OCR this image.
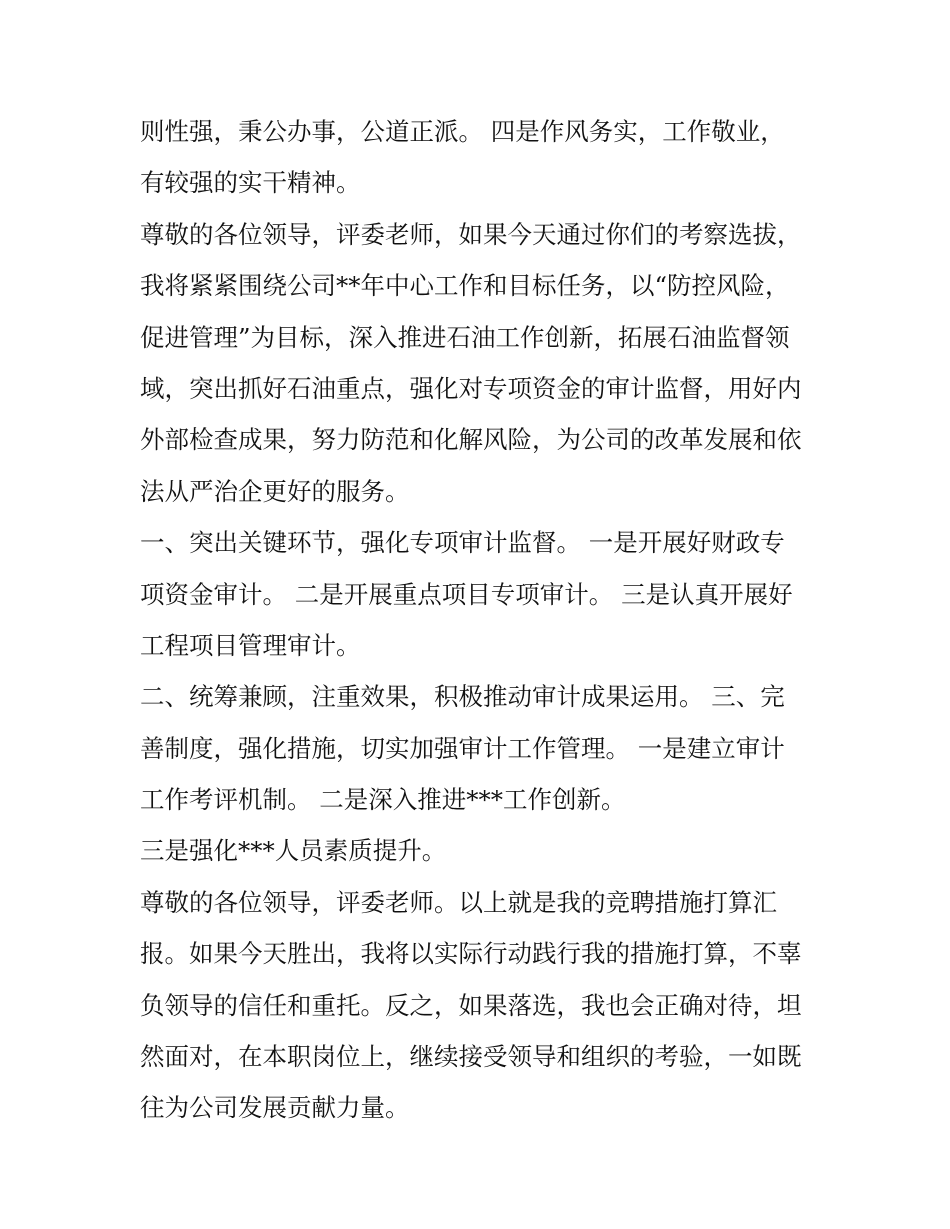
则性强，秉公办事，公道正派。 四是作风务实，工作敬业，
有较强的实干精神。
尊敬的各位领导，评委老师，如果今天通过你们的考察选拔，
我将紧紧围绕公司**年中心工作和目标任务，以“防控风险，
促进管理”为目标，深入推进石油工作创新，拓展石油监督领
域，突出抓好石油重点，强化对专项资金的审计监督，用好内
外部检查成果，努力防范和化解风险，为公司的改革发展和依
法从严治企更好的服务。
一、突出关键环节，强化专项审计监督。 一是开展好财政专
项资金审计。 二是开展重点项目专项审计。 三是认真开展好
工程项目管理审计。
二、统筹兼顾，注重效果，积极推动审计成果运用。 三、完
善制度，强化措施，切实加强审计工作管理。 一是建立审计
工作考评机制。 二是深入推进***工作创新。
三是强化***人员素质提升。
尊敬的各位领导，评委老师。以上就是我的竞聘措施打算汇
报。如果今天胜出，我将以实际行动践行我的措施打算，不辜
负领导的信任和重托。反之，如果落选，我也会正确对待，坦
然面对，在本职岗位上，继续接受领导和组织的考验，一如既
往为公司发展贡献力量。
